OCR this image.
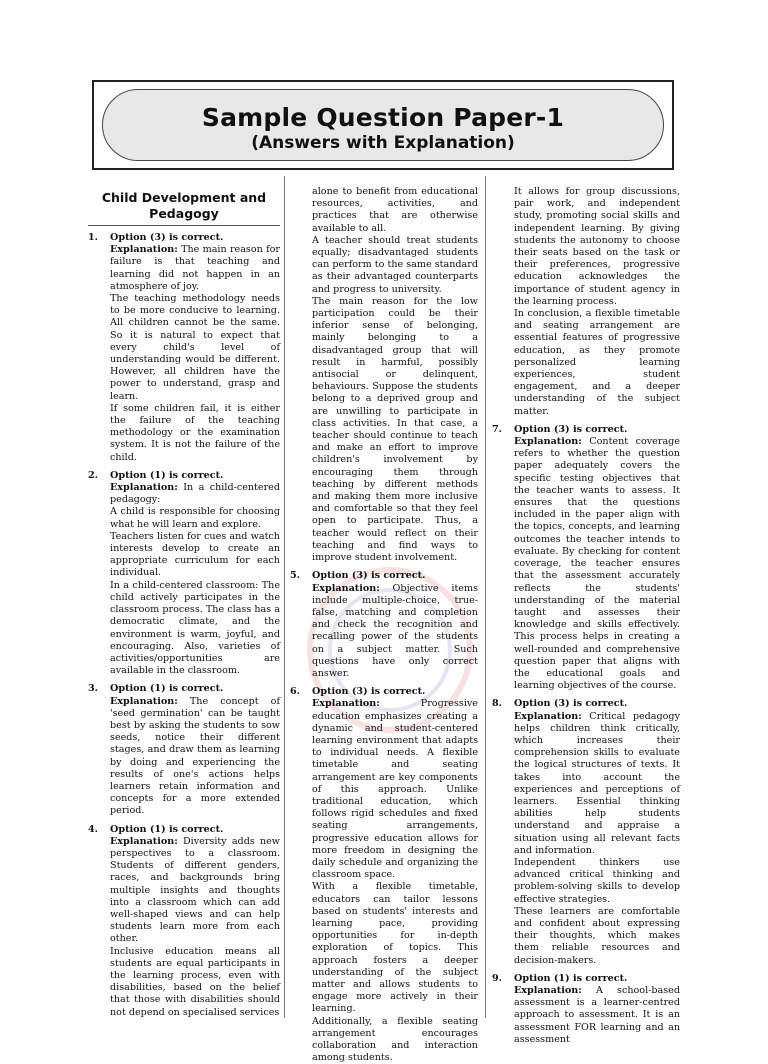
Sample Question Paper-1
(Answers with Explanation)
Child Development and Pedagogy
1.	Option (3) is correct.

Explanation: The main reason for failure is that teaching and learning did not happen in an atmosphere of joy.

The teaching methodology needs to be more conducive to learning. All children cannot be the same. So it is natural to expect that every child's level of understanding would be different. However, all children have the power to understand, grasp and learn.

If some children fail, it is either the failure of the teaching methodology or the examination system. It is not the failure of the child.

2.	Option (1) is correct.

Explanation: In a child-centered pedagogy:

A child is responsible for choosing what he will learn and explore.

Teachers listen for cues and watch interests develop to create an appropriate curriculum for each individual.

In a child-centered classroom: The child actively participates in the classroom process. The class has a democratic climate, and the environment is warm, joyful, and encouraging. Also, varieties of activities/opportunities are available in the classroom.

3.	Option (1) is correct.

Explanation: The concept of 'seed germination' can be taught best by asking the students to sow seeds, notice their different stages, and draw them as learning by doing and experiencing the results of one's actions helps learners retain information and concepts for a more extended period.

4.	Option (1) is correct.

Explanation: Diversity adds new perspectives to a classroom. Students of different genders, races, and backgrounds bring multiple insights and thoughts into a classroom which can add well-shaped views and can help students learn more from each other.

Inclusive education means all students are equal participants in the learning process, even with disabilities, based on the belief that those with disabilities should not depend on specialised services

alone to benefit from educational resources, activities, and practices that are otherwise available to all.

A teacher should treat students equally; disadvantaged students can perform to the same standard as their advantaged counterparts and progress to university.

The main reason for the low participation could be their inferior sense of belonging, mainly belonging to a disadvantaged group that will result in harmful, possibly antisocial or delinquent, behaviours. Suppose the students belong to a deprived group and are unwilling to participate in class activities. In that case, a teacher should continue to teach and make an effort to improve children's involvement by encouraging them through teaching by different methods and making them more inclusive and comfortable so that they feel open to participate. Thus, a teacher would reflect on their teaching and find ways to improve student involvement.

5.	Option (3) is correct.

Explanation: Objective items include multiple-choice, true-false, matching and completion and check the recognition and recalling power of the students on a subject matter. Such questions have only correct answer.

6.	Option (3) is correct.

Explanation: Progressive education emphasizes creating a dynamic and student-centered learning environment that adapts to individual needs. A flexible timetable and seating arrangement are key components of this approach. Unlike traditional education, which follows rigid schedules and fixed seating arrangements, progressive education allows for more freedom in designing the daily schedule and organizing the classroom space.

With a flexible timetable, educators can tailor lessons based on students' interests and learning pace, providing opportunities for in-depth exploration of topics. This approach fosters a deeper understanding of the subject matter and allows students to engage more actively in their learning.

Additionally, a flexible seating arrangement encourages collaboration and interaction among students.

It allows for group discussions, pair work, and independent study, promoting social skills and independent learning. By giving students the autonomy to choose their seats based on the task or their preferences, progressive education acknowledges the importance of student agency in the learning process.

In conclusion, a flexible timetable and seating arrangement are essential features of progressive education, as they promote personalized learning experiences, student engagement, and a deeper understanding of the subject matter.

7.	Option (3) is correct.

Explanation: Content coverage refers to whether the question paper adequately covers the specific testing objectives that the teacher wants to assess. It ensures that the questions included in the paper align with the topics, concepts, and learning outcomes the teacher intends to evaluate. By checking for content coverage, the teacher ensures that the assessment accurately reflects the students' understanding of the material taught and assesses their knowledge and skills effectively. This process helps in creating a well-rounded and comprehensive question paper that aligns with the educational goals and learning objectives of the course.

8.	Option (3) is correct.

Explanation: Critical pedagogy helps children think critically, which increases their comprehension skills to evaluate the logical structures of texts. It takes into account the experiences and perceptions of learners. Essential thinking abilities help students understand and appraise a situation using all relevant facts and information.

Independent thinkers use advanced critical thinking and problem-solving skills to develop effective strategies.

These learners are comfortable and confident about expressing their thoughts, which makes them reliable resources and decision-makers.

9.	Option (1) is correct.

Explanation: A school-based assessment is a learner-centred approach to assessment. It is an assessment FOR learning and an assessment
